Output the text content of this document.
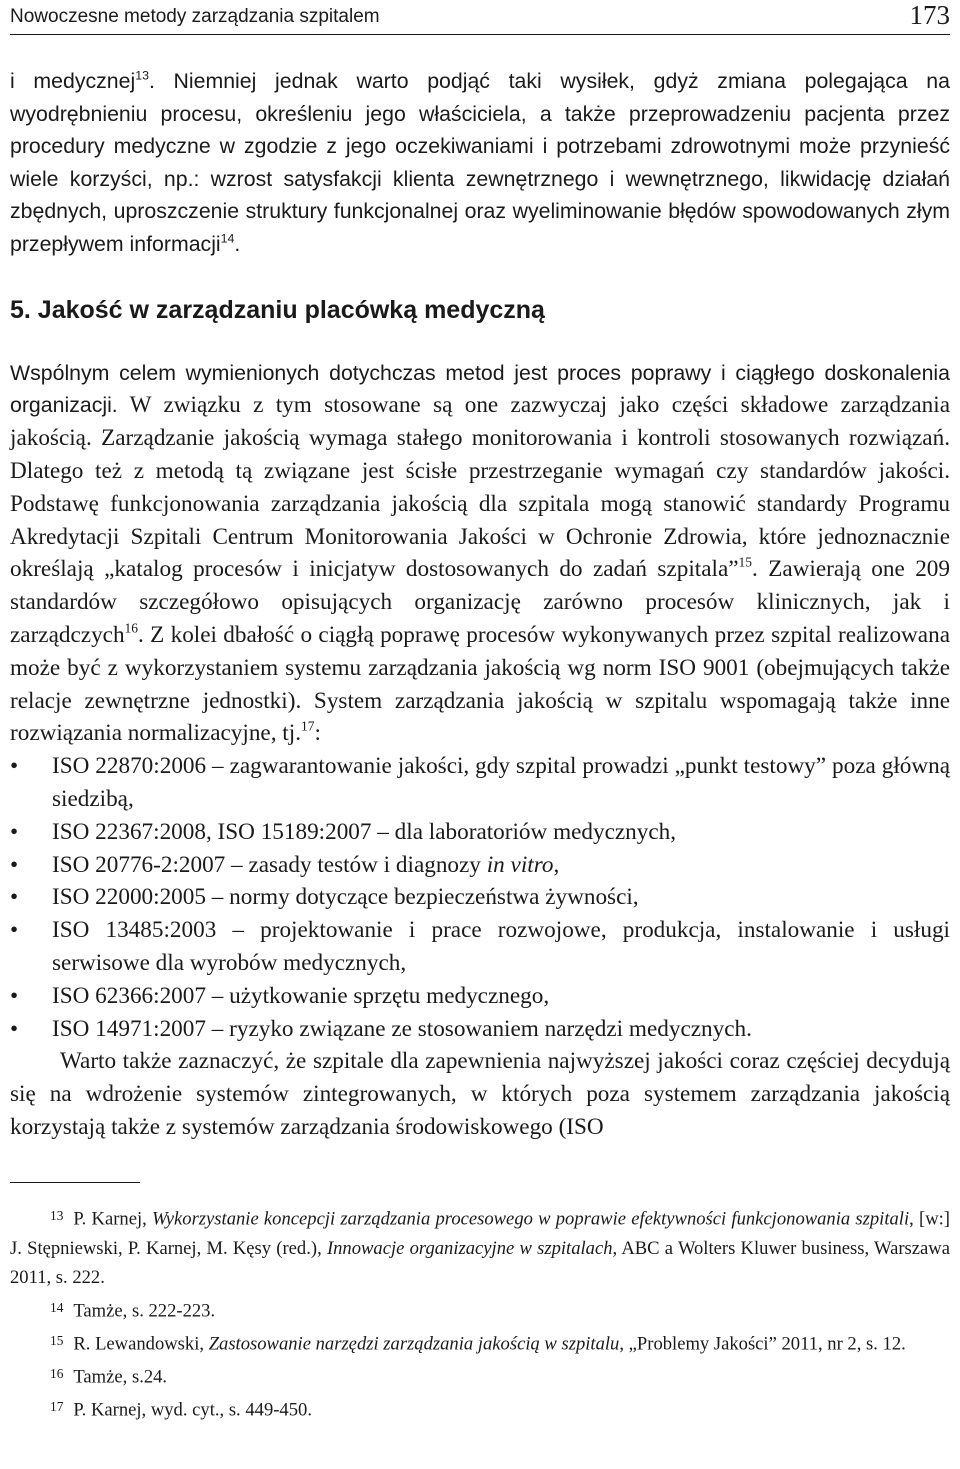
Nowoczesne metody zarządzania szpitalem	173

i medycznej$^{13}$. Niemniej jednak warto podjąć taki wysiłek, gdyż zmiana polegająca na wyodrębnieniu procesu, określeniu jego właściciela, a także przeprowadzeniu pacjenta przez procedury medyczne w zgodzie z jego oczekiwaniami i potrzebami zdrowotnymi może przynieść wiele korzyści, np.: wzrost satysfakcji klienta zewnętrznego i wewnętrznego, likwidację działań zbędnych, uproszczenie struktury funkcjonalnej oraz wyeliminowanie błędów spowodowanych złym przepływem informacji$^{14}$.

5. Jakość w zarządzaniu placówką medyczną

Wspólnym celem wymienionych dotychczas metod jest proces poprawy i ciągłego doskonalenia organizacji. W związku z tym stosowane są one zazwyczaj jako części składowe zarządzania jakością. Zarządzanie jakością wymaga stałego monitorowania i kontroli stosowanych rozwiązań. Dlatego też z metodą tą związane jest ścisłe przestrzeganie wymagań czy standardów jakości. Podstawę funkcjonowania zarządzania jakością dla szpitala mogą stanowić standardy Programu Akredytacji Szpitali Centrum Monitorowania Jakości w Ochronie Zdrowia, które jednoznacznie określają „katalog procesów i inicjatyw dostosowanych do zadań szpitala”$^{15}$. Zawierają one 209 standardów szczegółowo opisujących organizację zarówno procesów klinicznych, jak i zarządczych$^{16}$. Z kolei dbałość o ciągłą poprawę procesów wykonywanych przez szpital realizowana może być z wykorzystaniem systemu zarządzania jakością wg norm ISO 9001 (obejmujących także relacje zewnętrzne jednostki). System zarządzania jakością w szpitalu wspomagają także inne rozwiązania normalizacyjne, tj.$^{17}$:

• ISO 22870:2006 – zagwarantowanie jakości, gdy szpital prowadzi „punkt testowy” poza główną siedzibą,
• ISO 22367:2008, ISO 15189:2007 – dla laboratoriów medycznych,
• ISO 20776-2:2007 – zasady testów i diagnozy in vitro,
• ISO 22000:2005 – normy dotyczące bezpieczeństwa żywności,
• ISO 13485:2003 – projektowanie i prace rozwojowe, produkcja, instalowanie i usługi serwisowe dla wyrobów medycznych,
• ISO 62366:2007 – użytkowanie sprzętu medycznego,
• ISO 14971:2007 – ryzyko związane ze stosowaniem narzędzi medycznych.

Warto także zaznaczyć, że szpitale dla zapewnienia najwyższej jakości coraz częściej decydują się na wdrożenie systemów zintegrowanych, w których poza systemem zarządzania jakością korzystają także z systemów zarządzania środowiskowego (ISO

$^{13}$ P. Karnej, Wykorzystanie koncepcji zarządzania procesowego w poprawie efektywności funkcjonowania szpitali, [w:] J. Stępniewski, P. Karnej, M. Kęsy (red.), Innowacje organizacyjne w szpitalach, ABC a Wolters Kluwer business, Warszawa 2011, s. 222.

$^{14}$ Tamże, s. 222-223.

$^{15}$ R. Lewandowski, Zastosowanie narzędzi zarządzania jakością w szpitalu, „Problemy Jakości” 2011, nr 2, s. 12.

$^{16}$ Tamże, s.24.

$^{17}$ P. Karnej, wyd. cyt., s. 449-450.
